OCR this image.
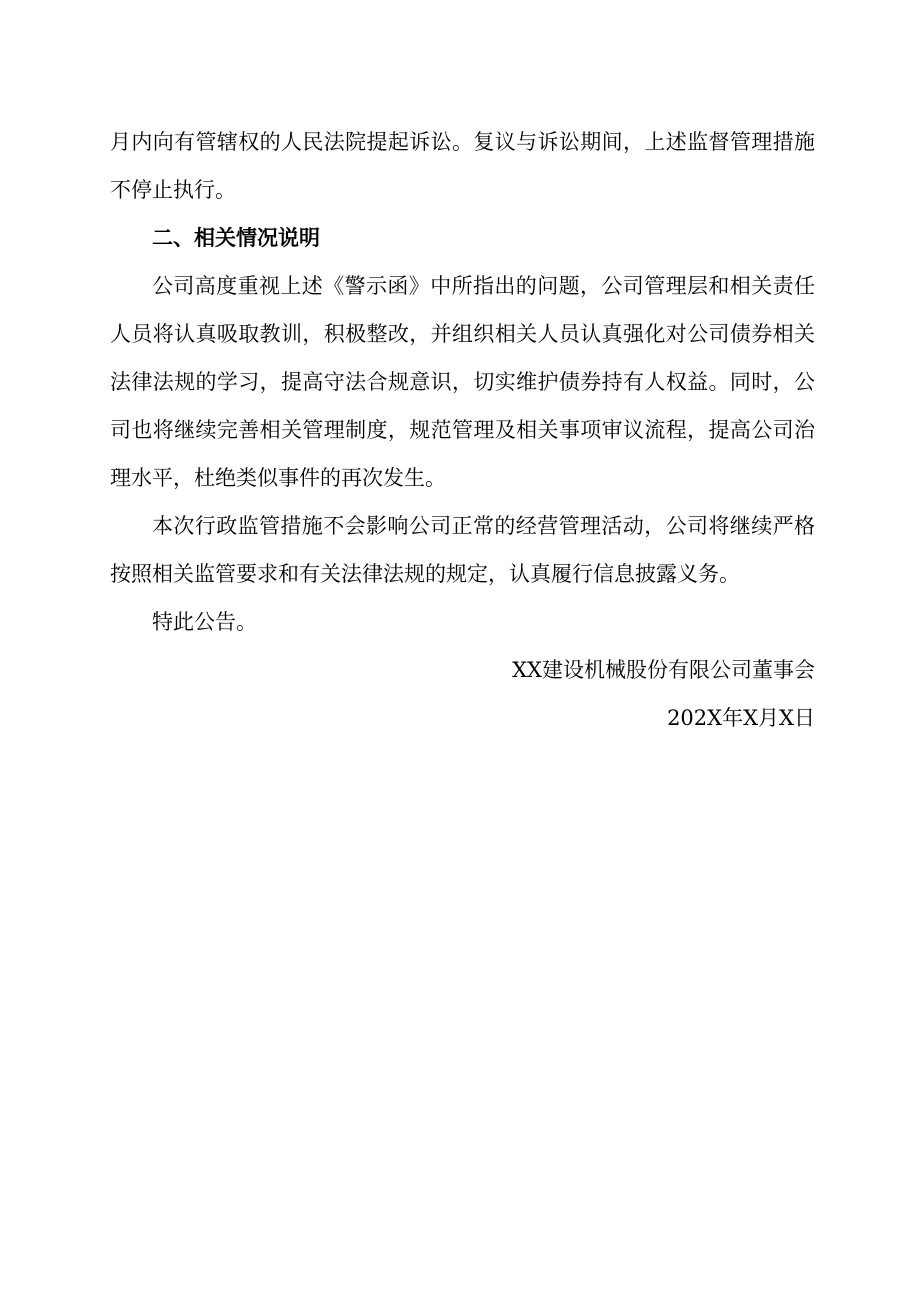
月内向有管辖权的人民法院提起诉讼。复议与诉讼期间，上述监督管理措施
不停止执行。
二、相关情况说明
公司高度重视上述《警示函》中所指出的问题，公司管理层和相关责任
人员将认真吸取教训，积极整改，并组织相关人员认真强化对公司债券相关
法律法规的学习，提高守法合规意识，切实维护债券持有人权益。同时，公
司也将继续完善相关管理制度，规范管理及相关事项审议流程，提高公司治
理水平，杜绝类似事件的再次发生。
本次行政监管措施不会影响公司正常的经营管理活动，公司将继续严格
按照相关监管要求和有关法律法规的规定，认真履行信息披露义务。
特此公告。
XX建设机械股份有限公司董事会
202X年X月X日
